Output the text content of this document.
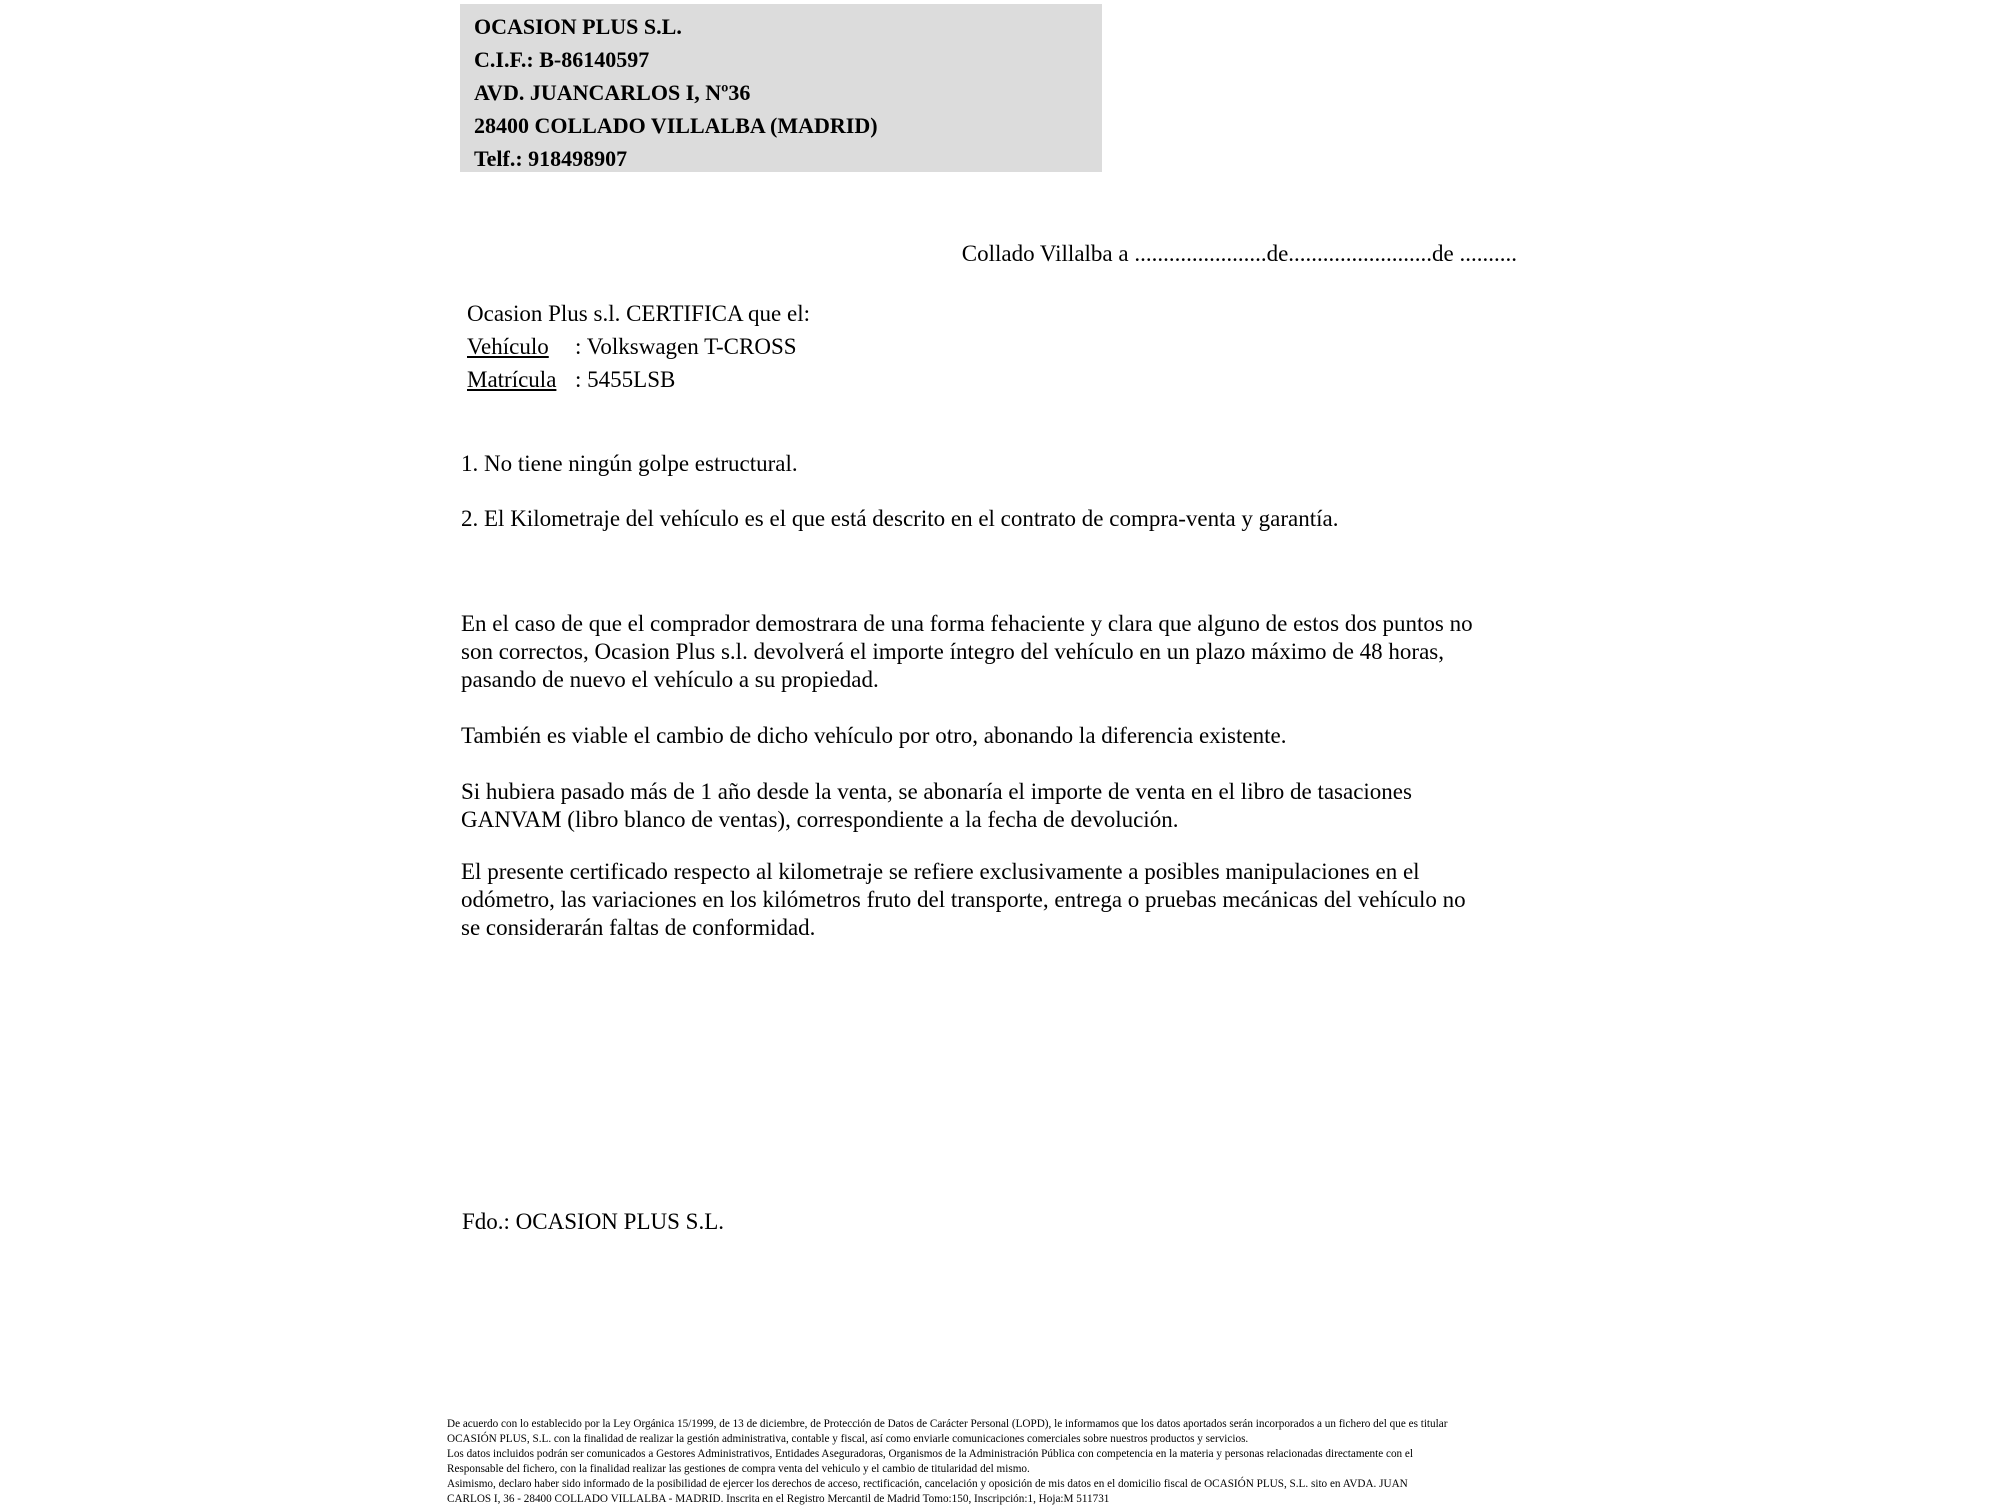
OCASION PLUS S.L.
C.I.F.: B-86140597
AVD. JUANCARLOS I, Nº36
28400 COLLADO VILLALBA (MADRID)
Telf.: 918498907
Collado Villalba a .......................de.........................de ..........
Ocasion Plus s.l. CERTIFICA que el:
Vehículo : Volkswagen T-CROSS
Matrícula : 5455LSB
1. No tiene ningún golpe estructural.
2. El Kilometraje del vehículo es el que está descrito en el contrato de compra-venta y garantía.
En el caso de que el comprador demostrara de una forma fehaciente y clara que alguno de estos dos puntos no
son correctos, Ocasion Plus s.l. devolverá el importe íntegro del vehículo en un plazo máximo de 48 horas,
pasando de nuevo el vehículo a su propiedad.
También es viable el cambio de dicho vehículo por otro, abonando la diferencia existente.
Si hubiera pasado más de 1 año desde la venta, se abonaría el importe de venta en el libro de tasaciones
GANVAM (libro blanco de ventas), correspondiente a la fecha de devolución.
El presente certificado respecto al kilometraje se refiere exclusivamente a posibles manipulaciones en el
odómetro, las variaciones en los kilómetros fruto del transporte, entrega o pruebas mecánicas del vehículo no
se considerarán faltas de conformidad.
Fdo.: OCASION PLUS S.L.
De acuerdo con lo establecido por la Ley Orgánica 15/1999, de 13 de diciembre, de Protección de Datos de Carácter Personal (LOPD), le informamos que los datos aportados serán incorporados a un fichero del que es titular
OCASIÓN PLUS, S.L. con la finalidad de realizar la gestión administrativa, contable y fiscal, así como enviarle comunicaciones comerciales sobre nuestros productos y servicios.
Los datos incluidos podrán ser comunicados a Gestores Administrativos, Entidades Aseguradoras, Organismos de la Administración Pública con competencia en la materia y personas relacionadas directamente con el
Responsable del fichero, con la finalidad realizar las gestiones de compra venta del vehiculo y el cambio de titularidad del mismo.
Asimismo, declaro haber sido informado de la posibilidad de ejercer los derechos de acceso, rectificación, cancelación y oposición de mis datos en el domicilio fiscal de OCASIÓN PLUS, S.L. sito en AVDA. JUAN
CARLOS I, 36 - 28400 COLLADO VILLALBA - MADRID. Inscrita en el Registro Mercantil de Madrid Tomo:150, Inscripción:1, Hoja:M 511731
